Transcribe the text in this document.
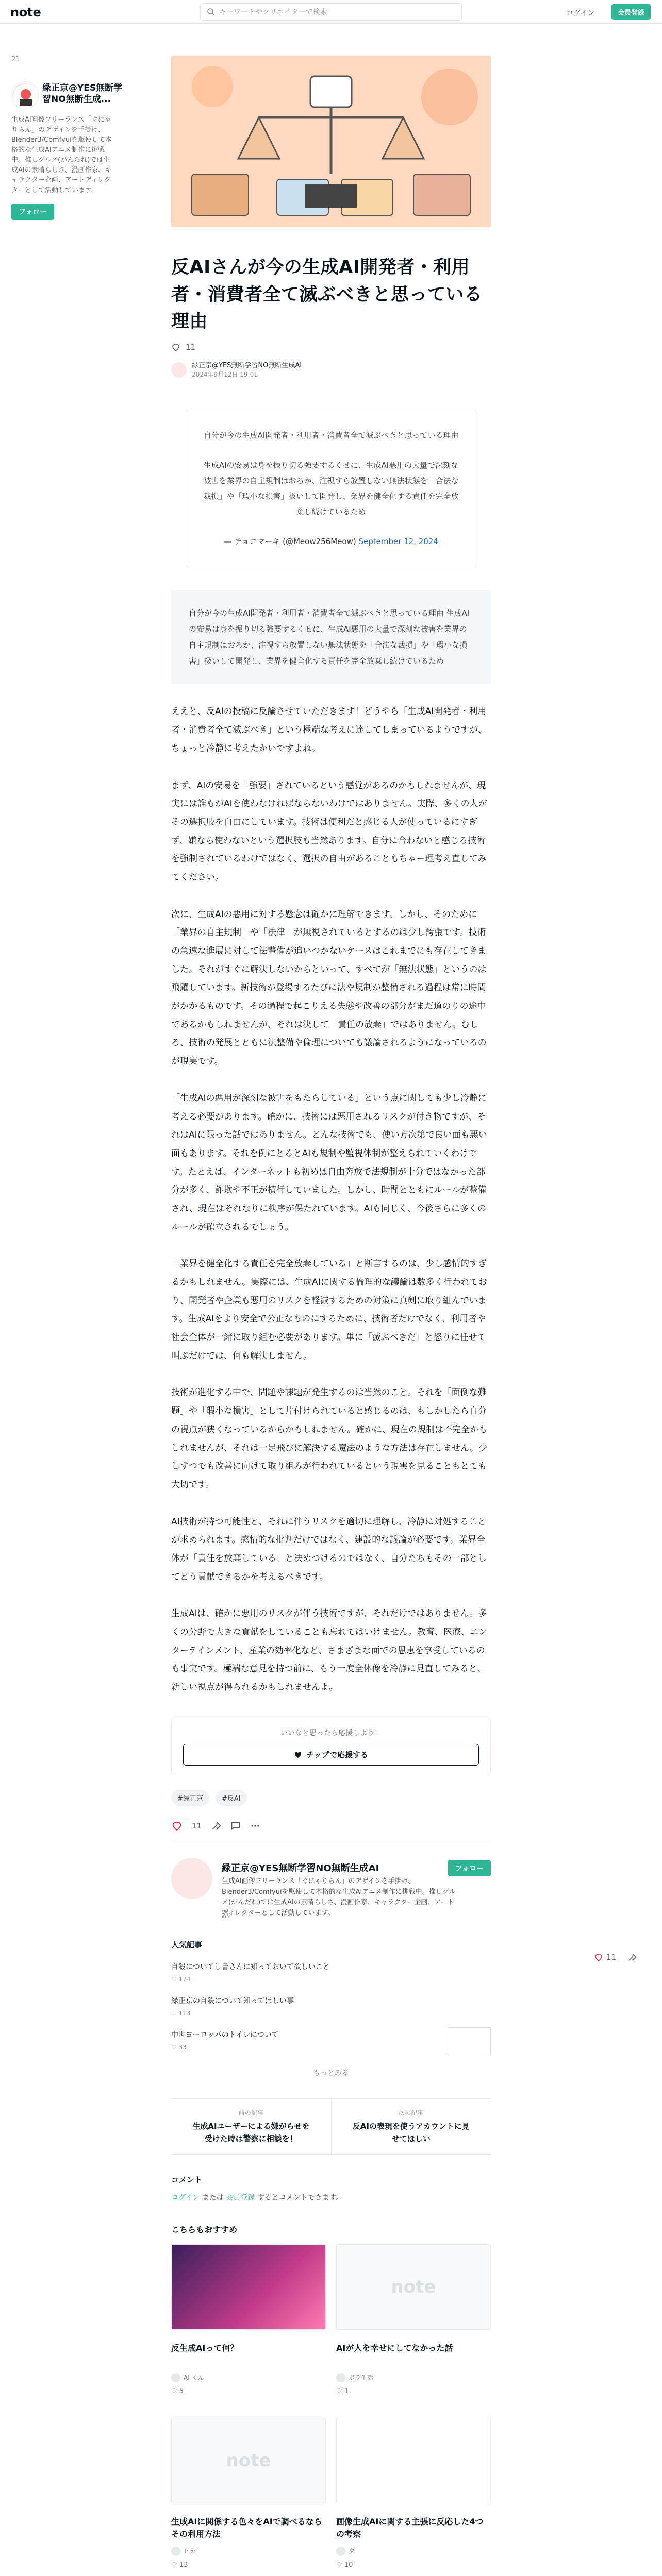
note	キーワードやクリエイターで検索	ログイン	会員登録
21
緑正京@YES無断学習NO無断生成...
生成AI画像フリーランス「ぐにゃりらん」のデザインを手掛け、Blender3/Comfyuiを駆使して本格的な生成AIアニメ制作に挑戦中。推しグルメ(がんだれ)では生成AIの素晴らしさ、漫画作家、キャラクター企画、アートディレクターとして活動しています。
フォロー
反AIさんが今の生成AI開発者・利用者・消費者全て滅ぶべきと思っている理由
11
緑正京@YES無断学習NO無断生成AI
2024年9月12日 19:01

自分が今の生成AI開発者・利用者・消費者全て滅ぶべきと思っている理由

生成AIの安易は身を振り切る強要するくせに、生成AI悪用の大量で深刻な被害を業界の自主規制はおろか、注視すら放置しない無法状態を「合法な裁損」や「瑕小な損害」扱いして開発し、業界を健全化する責任を完全放棄し続けているため

— チョコマーキ (@Meow256Meow) September 12, 2024
自分が今の生成AI開発者・利用者・消費者全て滅ぶべきと思っている理由 生成AIの安易は身を振り切る強要するくせに、生成AI悪用の大量で深刻な被害を業界の自主規制はおろか、注視すら放置しない無法状態を「合法な裁損」や「瑕小な損害」扱いして開発し、業界を健全化する責任を完全放棄し続けているため

ええと、反AIの投稿に反論させていただきます！どうやら「生成AI開発者・利用者・消費者全て滅ぶべき」という極端な考えに達してしまっているようですが、ちょっと冷静に考えたかいですよね。

まず、AIの安易を「強要」されているという感覚があるのかもしれませんが、現実には誰もがAIを使わなければならないわけではありません。実際、多くの人がその選択肢を自由にしています。技術は便利だと感じる人が使っているにすぎず、嫌なら使わないという選択肢も当然あります。自分に合わないと感じる技術を強制されているわけではなく、選択の自由があることもちゃー理考え直してみてください。

次に、生成AIの悪用に対する懸念は確かに理解できます。しかし、そのために「業界の自主規制」や「法律」が無視されているとするのは少し誇張です。技術の急速な進展に対して法整備が追いつかないケースはこれまでにも存在してきました。それがすぐに解決しないからといって、すべてが「無法状態」というのは飛躍しています。新技術が登場するたびに法や規制が整備される過程は常に時間がかかるものです。その過程で起こりえる失態や改善の部分がまだ道のりの途中であるかもしれませんが、それは決して「責任の放棄」ではありません。むしろ、技術の発展とともに法整備や倫理についても議論されるようになっているのが現実です。

「生成AIの悪用が深刻な被害をもたらしている」という点に関しても少し冷静に考える必要があります。確かに、技術には悪用されるリスクが付き物ですが、それはAIに限った話ではありません。どんな技術でも、使い方次第で良い面も悪い面もあります。それを例にとるとAIも規制や監視体制が整えられていくわけです。たとえば、インターネットも初めは自由奔放で法規制が十分ではなかった部分が多く、詐欺や不正が横行していました。しかし、時間とともにルールが整備され、現在はそれなりに秩序が保たれています。AIも同じく、今後さらに多くのルールが確立されるでしょう。

「業界を健全化する責任を完全放棄している」と断言するのは、少し感情的すぎるかもしれません。実際には、生成AIに関する倫理的な議論は数多く行われており、開発者や企業も悪用のリスクを軽減するための対策に真剣に取り組んでいます。生成AIをより安全で公正なものにするために、技術者だけでなく、利用者や社会全体が一緒に取り組む必要があります。単に「滅ぶべきだ」と怒りに任せて叫ぶだけでは、何も解決しません。

技術が進化する中で、問題や課題が発生するのは当然のこと。それを「面倒な難題」や「瑕小な損害」として片付けられていると感じるのは、もしかしたら自分の視点が狭くなっているからかもしれません。確かに、現在の規制は不完全かもしれませんが、それは一足飛びに解決する魔法のような方法は存在しません。少しずつでも改善に向けて取り組みが行われているという現実を見ることもとても大切です。

AI技術が持つ可能性と、それに伴うリスクを適切に理解し、冷静に対処することが求められます。感情的な批判だけではなく、建設的な議論が必要です。業界全体が「責任を放棄している」と決めつけるのではなく、自分たちもその一部としてどう貢献できるかを考えるべきです。

生成AIは、確かに悪用のリスクが伴う技術ですが、それだけではありません。多くの分野で大きな貢献をしていることも忘れてはいけません。教育、医療、エンターテインメント、産業の効率化など、さまざまな面での恩恵を享受しているのも事実です。極端な意見を持つ前に、もう一度全体像を冷静に見直してみると、新しい視点が得られるかもしれませんよ。

いいなと思ったら応援しよう！
チップで応援する
#緑正京	#反AI
11
緑正京@YES無断学習NO無断生成AI
生成AI画像フリーランス「ぐにゃりらん」のデザインを手掛け、Blender3/Comfyuiを駆使して本格的な生成AIアニメ制作に挑戦中。推しグルメ(がんだれ)では生成AIの素晴らしさ、漫画作家、キャラクター企画、アートディレクターとして活動しています。
フォロー
人気記事
自殺についてし書さんに知っておいて欲しいこと
♡ 174
緑正京の自殺について知ってほしい事
♡ 113
中世ヨーロッパのトイレについて
♡ 33
もっとみる
前の記事
生成AIユーザーによる嫌がらせを受けた時は警察に相談を！
次の記事
反AIの表現を使うアカウントに見せてほしい
コメント
ログイン または 会員登録 するとコメントできます。
こちらもおすすめ
反生成AIって何？
AI くん
♡ 5
note
AIが人を幸せにしてなかった話
ボラ生活
♡ 1
note
生成AIに関係する色々をAIで調べるならその利用方法
ヒカ
♡ 13
画像生成AIに関する主張に反応した4つの考察
夕
♡ 10
11
